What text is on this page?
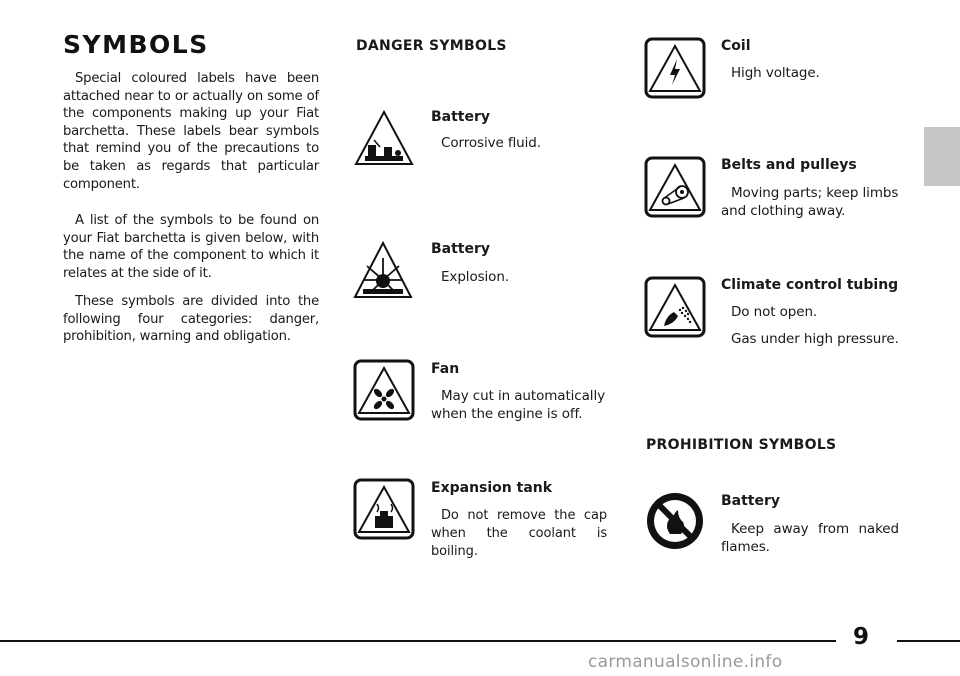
SYMBOLS

Special coloured labels have been attached near to or actually on some of the components making up your Fiat barchetta. These labels bear symbols that remind you of the precautions to be taken as regards that particular component.

A list of the symbols to be found on your Fiat barchetta is given below, with the name of the component to which it relates at the side of it.

These symbols are divided into the following four categories: danger, prohibition, warning and obligation.

DANGER SYMBOLS
Battery

Corrosive fluid.

Battery

Explosion.

Fan

May cut in automatically when the engine is off.

Expansion tank

Do not remove the cap when the coolant is boiling.

Coil

High voltage.

Belts and pulleys

Moving parts; keep limbs and clothing away.

Climate control tubing

Do not open.

Gas under high pressure.

PROHIBITION SYMBOLS
Battery

Keep away from naked flames.

9
carmanualsonline.info
